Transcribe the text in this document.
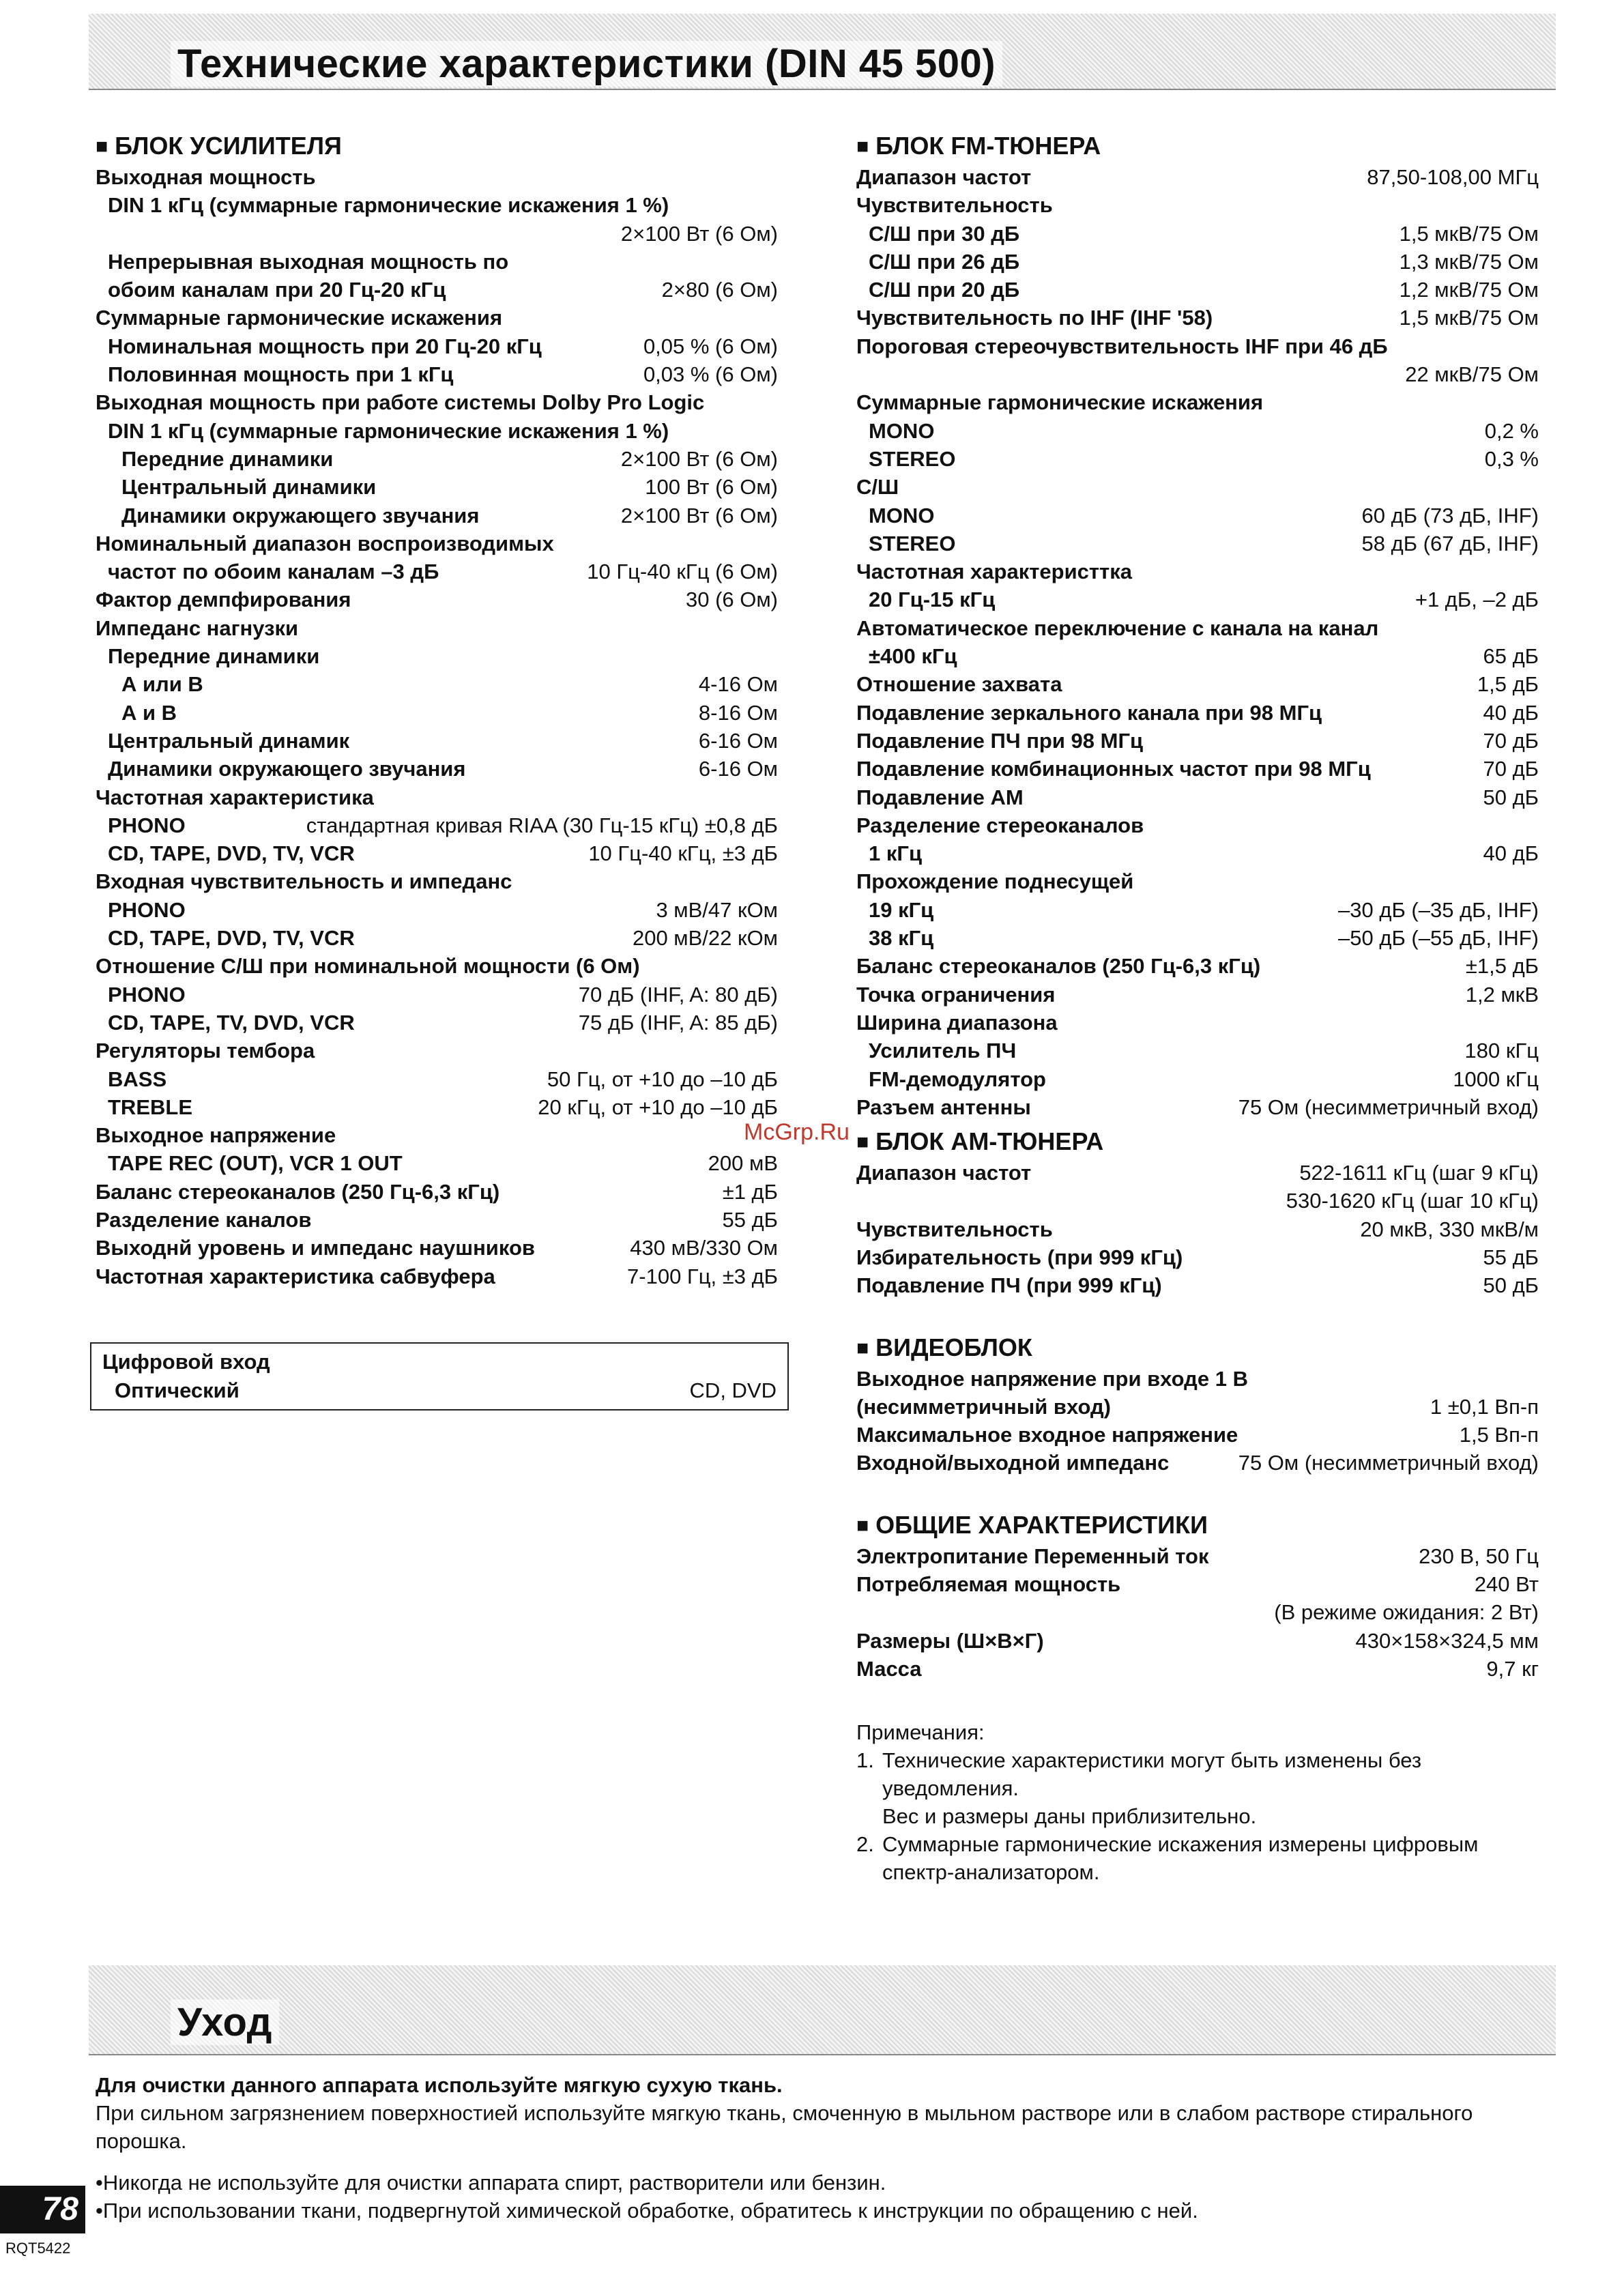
Технические характеристики (DIN 45 500)
■ БЛОК УСИЛИТЕЛЯ
Выходная мощность
DIN 1 кГц (суммарные гармонические искажения 1 %)
2×100 Вт (6 Ом)
Непрерывная выходная мощность по
обоим каналам при 20 Гц-20 кГц	2×80 (6 Ом)
Суммарные гармонические искажения
Номинальная мощность при 20 Гц-20 кГц	0,05 % (6 Ом)
Половинная мощность при 1 кГц	0,03 % (6 Ом)
Выходная мощность при работе системы Dolby Pro Logic
DIN 1 кГц (суммарные гармонические искажения 1 %)
Передние динамики	2×100 Вт (6 Ом)
Центральный динамики	100 Вт (6 Ом)
Динамики окружающего звучания	2×100 Вт (6 Ом)
Номинальный диапазон воспроизводимых
частот по обоим каналам –3 дБ	10 Гц-40 кГц (6 Ом)
Фактор демпфирования	30 (6 Ом)
Импеданс нагнузки
Передние динамики
А или В	4-16 Ом
А и В	8-16 Ом
Центральный динамик	6-16 Ом
Динамики окружающего звучания	6-16 Ом
Частотная характеристика
PHONO	стандартная кривая RIAA (30 Гц-15 кГц) ±0,8 дБ
CD, TAPE, DVD, TV, VCR	10 Гц-40 кГц, ±3 дБ
Входная чувствительность и импеданс
PHONO	3 мВ/47 кОм
CD, TAPE, DVD, TV, VCR	200 мВ/22 кОм
Отношение С/Ш при номинальной мощности (6 Ом)
PHONO	70 дБ (IHF, A: 80 дБ)
CD, TAPE, TV, DVD, VCR	75 дБ (IHF, A: 85 дБ)
Регуляторы тембора
BASS	50 Гц, от +10 до –10 дБ
TREBLE	20 кГц, от +10 до –10 дБ
Выходное напряжение
TAPE REC (OUT), VCR 1 OUT	200 мВ
Баланс стереоканалов (250 Гц-6,3 кГц)	±1 дБ
Разделение каналов	55 дБ
Выходнй уровень и импеданс наушников	430 мВ/330 Ом
Частотная характеристика сабвуфера	7-100 Гц, ±3 дБ
Цифровой вход
Оптический	CD, DVD
■ БЛОК FM-ТЮНЕРА
Диапазон частот	87,50-108,00 МГц
Чувствительность
С/Ш при 30 дБ	1,5 мкВ/75 Ом
С/Ш при 26 дБ	1,3 мкВ/75 Ом
С/Ш при 20 дБ	1,2 мкВ/75 Ом
Чувствительность по IHF (IHF '58)	1,5 мкВ/75 Ом
Пороговая стереочувствительность IHF при 46 дБ
22 мкВ/75 Ом
Суммарные гармонические искажения
MONO	0,2 %
STEREO	0,3 %
С/Ш
MONO	60 дБ (73 дБ, IHF)
STEREO	58 дБ (67 дБ, IHF)
Частотная характеристтка
20 Гц-15 кГц	+1 дБ, –2 дБ
Автоматическое переключение с канала на канал
±400 кГц	65 дБ
Отношение захвата	1,5 дБ
Подавление зеркального канала при 98 МГц	40 дБ
Подавление ПЧ при 98 МГц	70 дБ
Подавление комбинационных частот при 98 МГц	70 дБ
Подавление АМ	50 дБ
Разделение стереоканалов
1 кГц	40 дБ
Прохождение поднесущей
19 кГц	–30 дБ (–35 дБ, IHF)
38 кГц	–50 дБ (–55 дБ, IHF)
Баланс стереоканалов (250 Гц-6,3 кГц)	±1,5 дБ
Точка ограничения	1,2 мкВ
Ширина диапазона
Усилитель ПЧ	180 кГц
FM-демодулятор	1000 кГц
Разъем антенны	75 Ом (несимметричный вход)
■ БЛОК АМ-ТЮНЕРА
Диапазон частот	522-1611 кГц (шаг 9 кГц)
530-1620 кГц (шаг 10 кГц)
Чувствительность	20 мкВ, 330 мкВ/м
Избирательность (при 999 кГц)	55 дБ
Подавление ПЧ (при 999 кГц)	50 дБ
■ ВИДЕОБЛОК
Выходное напряжение при входе 1 В
(несимметричный вход)	1 ±0,1 Вп-п
Максимальное входное напряжение	1,5 Вп-п
Входной/выходной импеданс	75 Ом (несимметричный вход)
■ ОБЩИЕ ХАРАКТЕРИСТИКИ
Электропитание Переменный ток	230 В, 50 Гц
Потребляемая мощность	240 Вт
(В режиме ожидания: 2 Вт)
Размеры (Ш×В×Г)	430×158×324,5 мм
Масса	9,7 кг
Примечания:
1. Технические характеристики могут быть изменены без
уведомления.
Вес и размеры даны приблизительно.
2. Суммарные гармонические искажения измерены цифровым
спектр-анализатором.
McGrp.Ru
Уход
Для очистки данного аппарата используйте мягкую сухую ткань.
При сильном загрязнением поверхностией используйте мягкую ткань, смоченную в мыльном растворе или в слабом растворе стирального порошка.
• Никогда не используйте для очистки аппарата спирт, растворители или бензин.
• При использовании ткани, подвергнутой химической обработке, обратитесь к инструкции по обращению с ней.
78
RQT5422
